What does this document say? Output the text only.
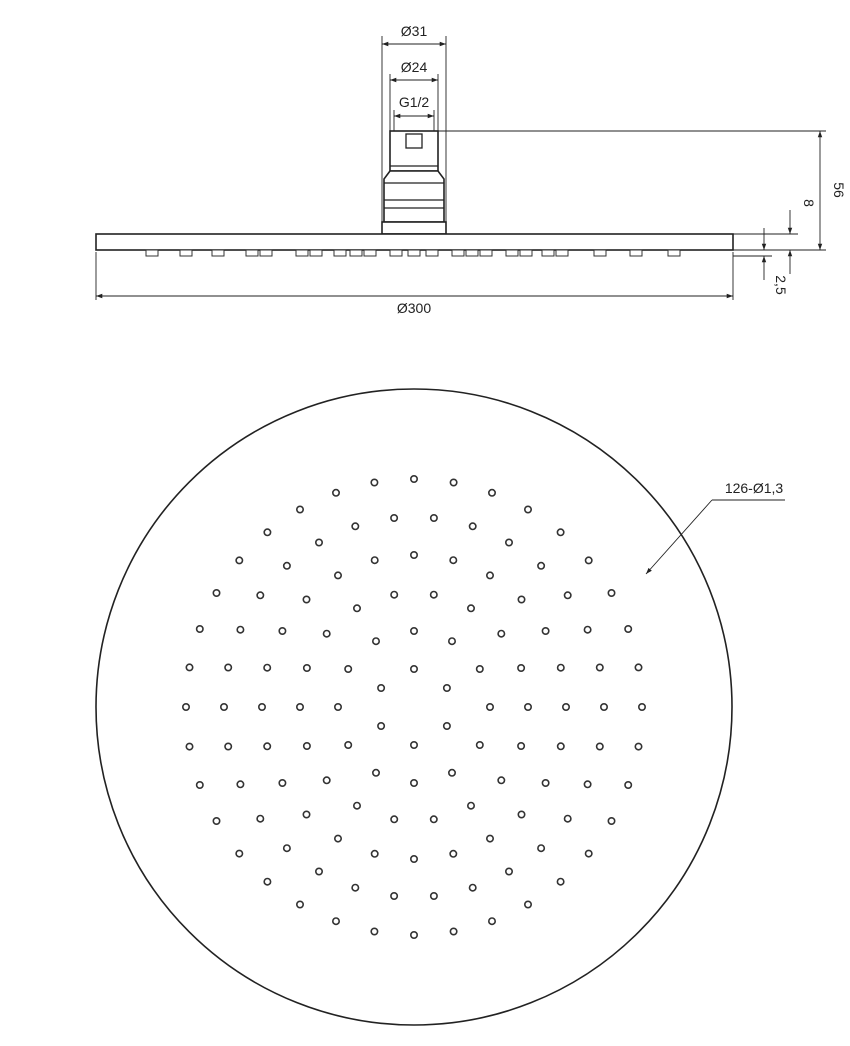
Ø31
Ø24
G1/2
Ø300
56
8
2,5
126-Ø1,3
